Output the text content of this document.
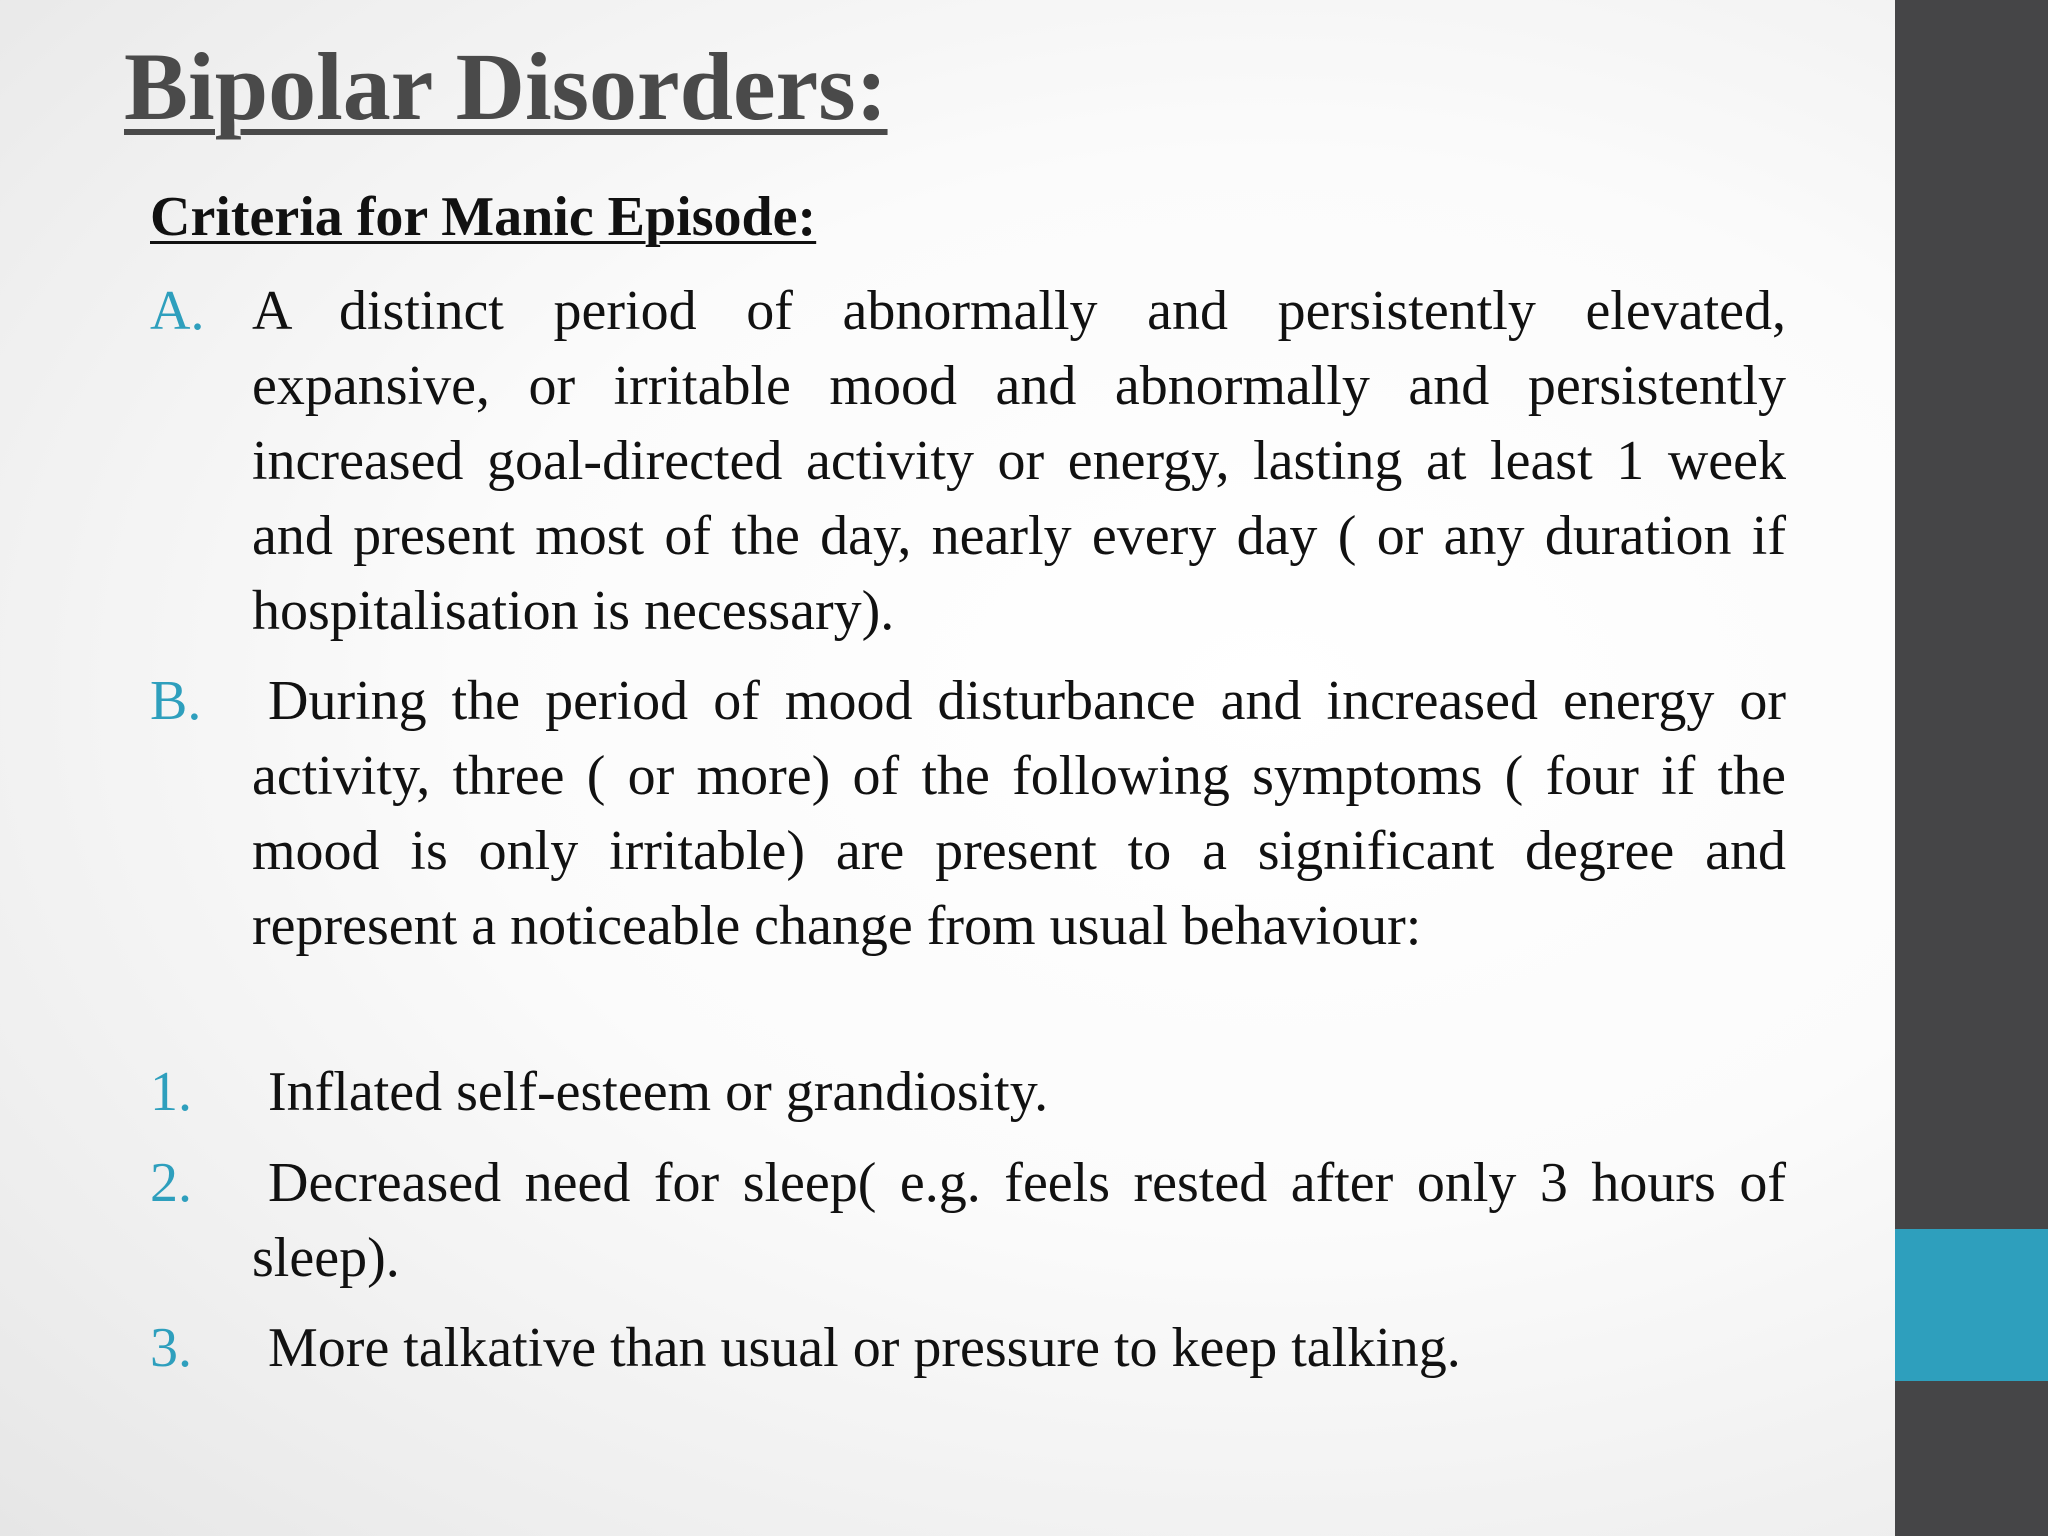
Bipolar Disorders:
Criteria for Manic Episode:
A. A distinct period of abnormally and persistently elevated, expansive, or irritable mood and abnormally and persistently increased goal-directed activity or energy, lasting at least 1 week and present most of the day, nearly every day ( or any duration if hospitalisation is necessary).
B. During the period of mood disturbance and increased energy or activity, three ( or more) of the following symptoms ( four if the mood is only irritable) are present to a significant degree and represent a noticeable change from usual behaviour:
1. Inflated self-esteem or grandiosity.
2. Decreased need for sleep( e.g. feels rested after only 3 hours of sleep).
3. More talkative than usual or pressure to keep talking.
